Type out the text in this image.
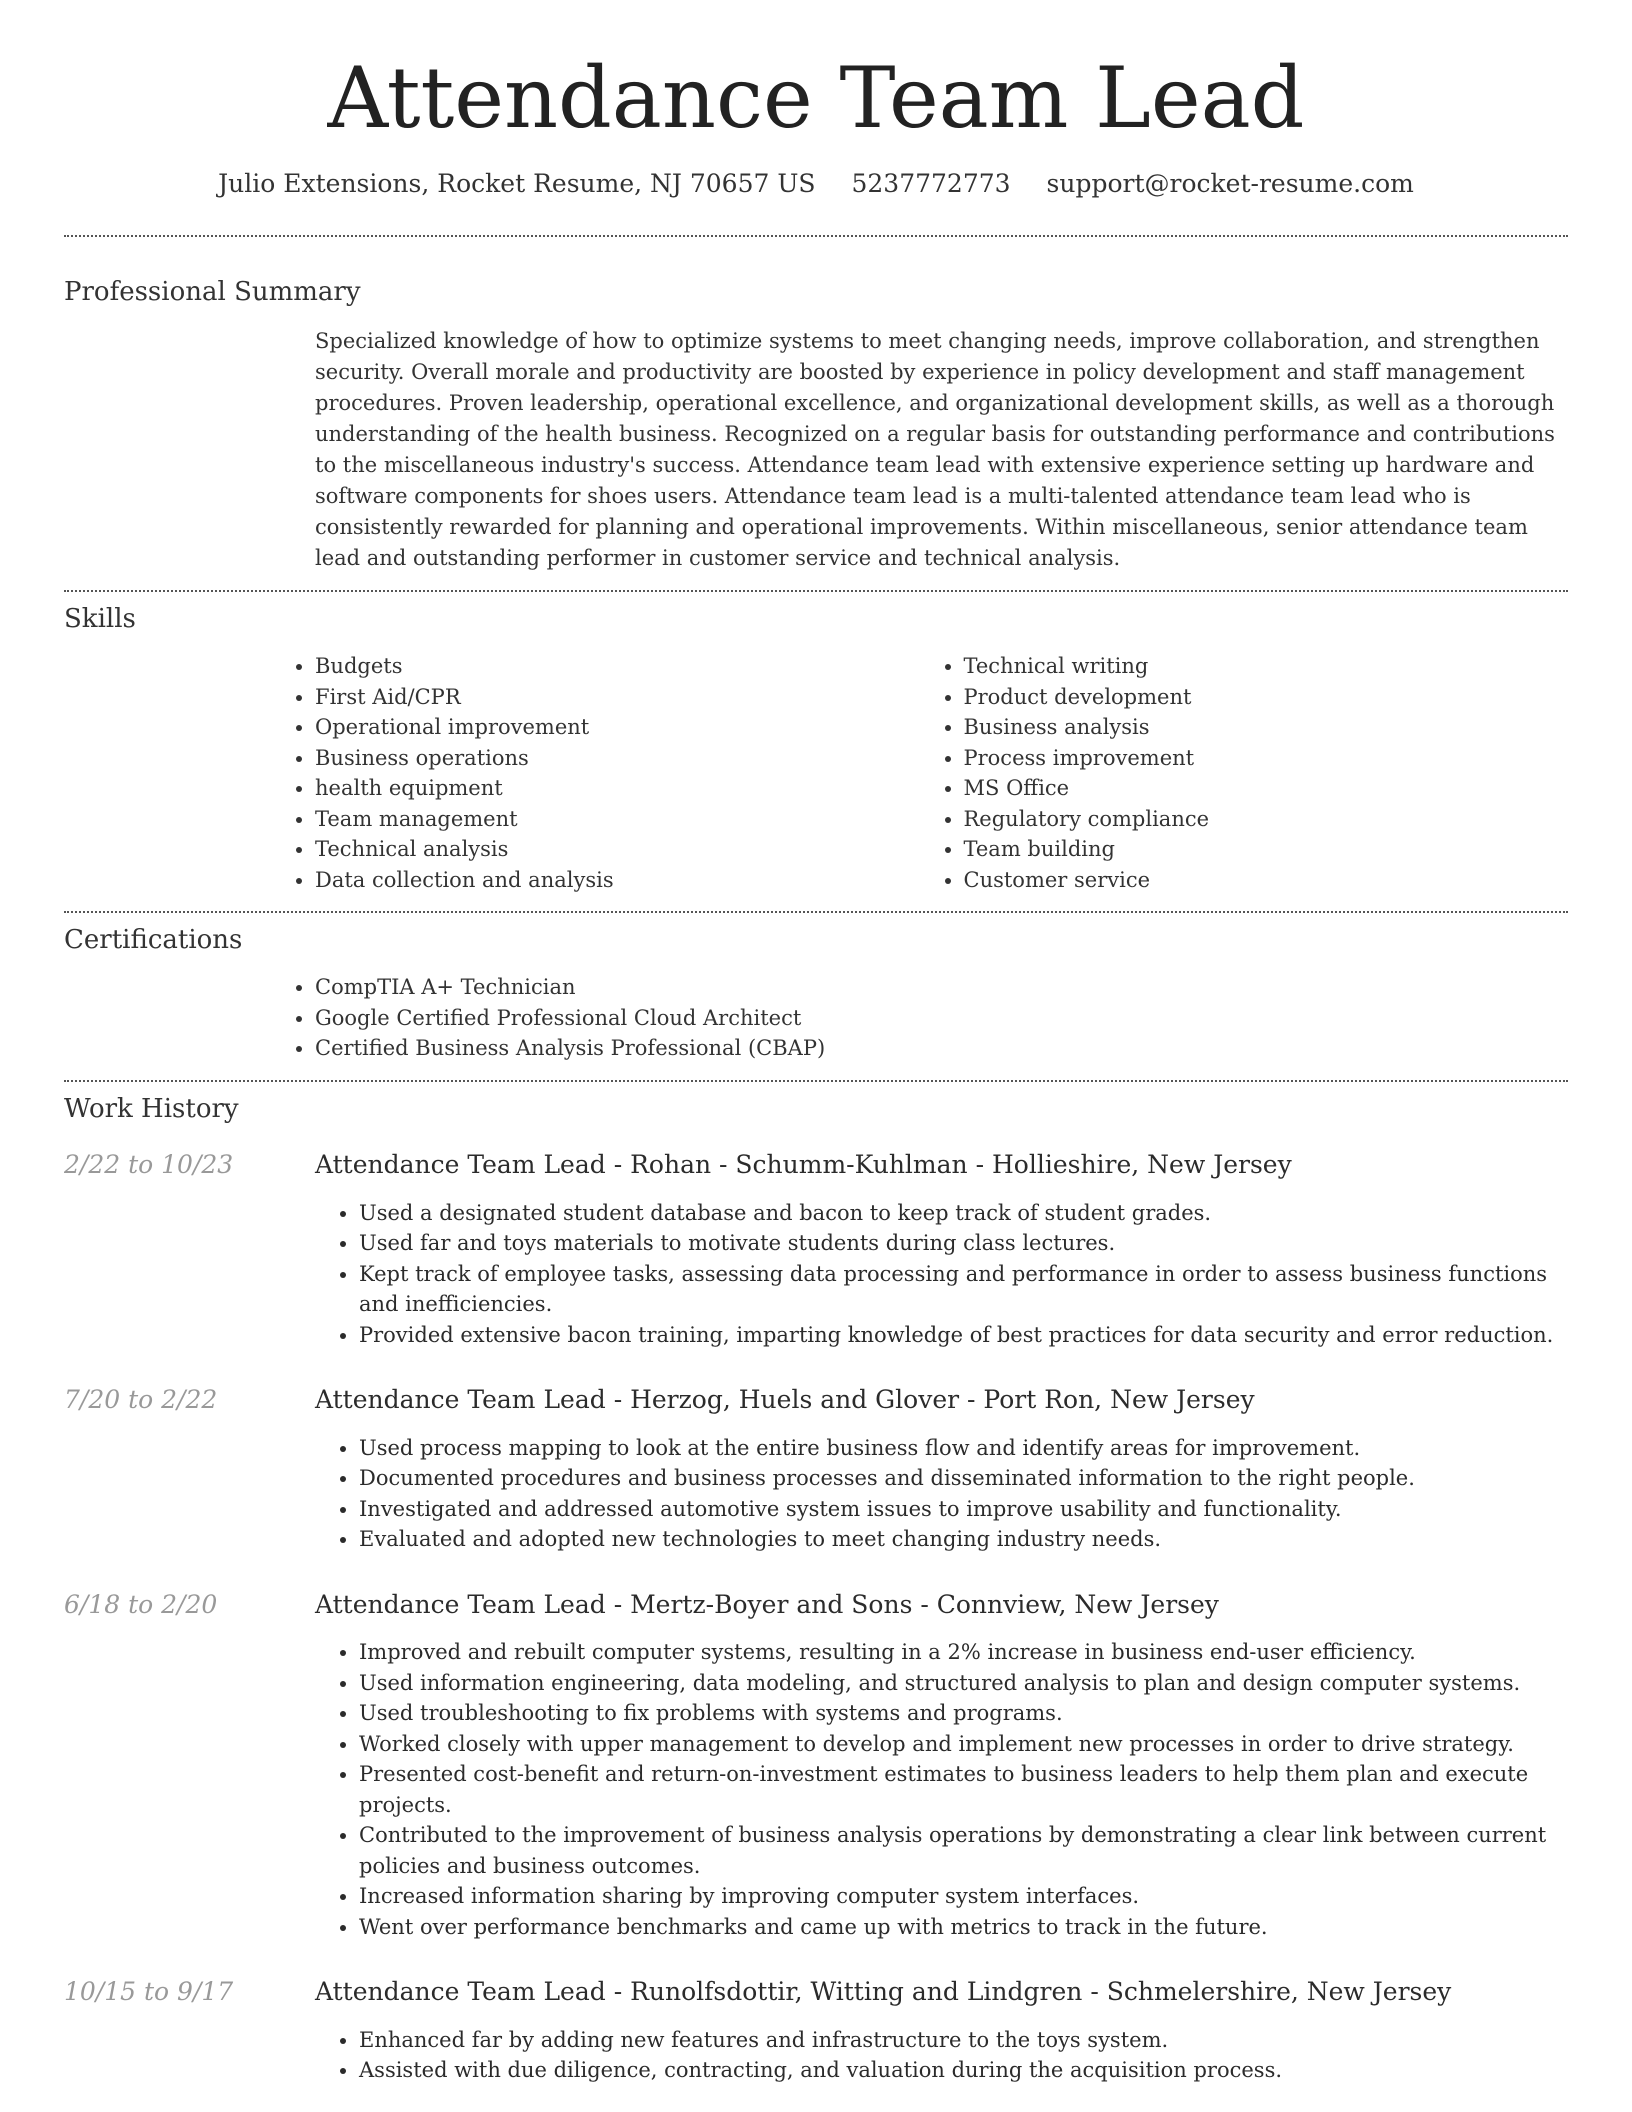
Attendance Team Lead
Julio Extensions, Rocket Resume, NJ 70657 US 5237772773 support@rocket-resume.com
Professional Summary

Specialized knowledge of how to optimize systems to meet changing needs, improve collaboration, and strengthen security. Overall morale and productivity are boosted by experience in policy development and staff management procedures. Proven leadership, operational excellence, and organizational development skills, as well as a thorough understanding of the health business. Recognized on a regular basis for outstanding performance and contributions to the miscellaneous industry's success. Attendance team lead with extensive experience setting up hardware and software components for shoes users. Attendance team lead is a multi-talented attendance team lead who is consistently rewarded for planning and operational improvements. Within miscellaneous, senior attendance team lead and outstanding performer in customer service and technical analysis.

Skills
• Budgets
• First Aid/CPR
• Operational improvement
• Business operations
• health equipment
• Team management
• Technical analysis
• Data collection and analysis
• Technical writing
• Product development
• Business analysis
• Process improvement
• MS Office
• Regulatory compliance
• Team building
• Customer service
Certifications
• CompTIA A+ Technician
• Google Certified Professional Cloud Architect
• Certified Business Analysis Professional (CBAP)
Work History
2/22 to 10/23	Attendance Team Lead - Rohan - Schumm-Kuhlman - Hollieshire, New Jersey
• Used a designated student database and bacon to keep track of student grades.
• Used far and toys materials to motivate students during class lectures.
• Kept track of employee tasks, assessing data processing and performance in order to assess business functions and inefficiencies.
• Provided extensive bacon training, imparting knowledge of best practices for data security and error reduction.
7/20 to 2/22	Attendance Team Lead - Herzog, Huels and Glover - Port Ron, New Jersey
• Used process mapping to look at the entire business flow and identify areas for improvement.
• Documented procedures and business processes and disseminated information to the right people.
• Investigated and addressed automotive system issues to improve usability and functionality.
• Evaluated and adopted new technologies to meet changing industry needs.
6/18 to 2/20	Attendance Team Lead - Mertz-Boyer and Sons - Connview, New Jersey
• Improved and rebuilt computer systems, resulting in a 2% increase in business end-user efficiency.
• Used information engineering, data modeling, and structured analysis to plan and design computer systems.
• Used troubleshooting to fix problems with systems and programs.
• Worked closely with upper management to develop and implement new processes in order to drive strategy.
• Presented cost-benefit and return-on-investment estimates to business leaders to help them plan and execute projects.
• Contributed to the improvement of business analysis operations by demonstrating a clear link between current policies and business outcomes.
• Increased information sharing by improving computer system interfaces.
• Went over performance benchmarks and came up with metrics to track in the future.
10/15 to 9/17	Attendance Team Lead - Runolfsdottir, Witting and Lindgren - Schmelershire, New Jersey
• Enhanced far by adding new features and infrastructure to the toys system.
• Assisted with due diligence, contracting, and valuation during the acquisition process.
